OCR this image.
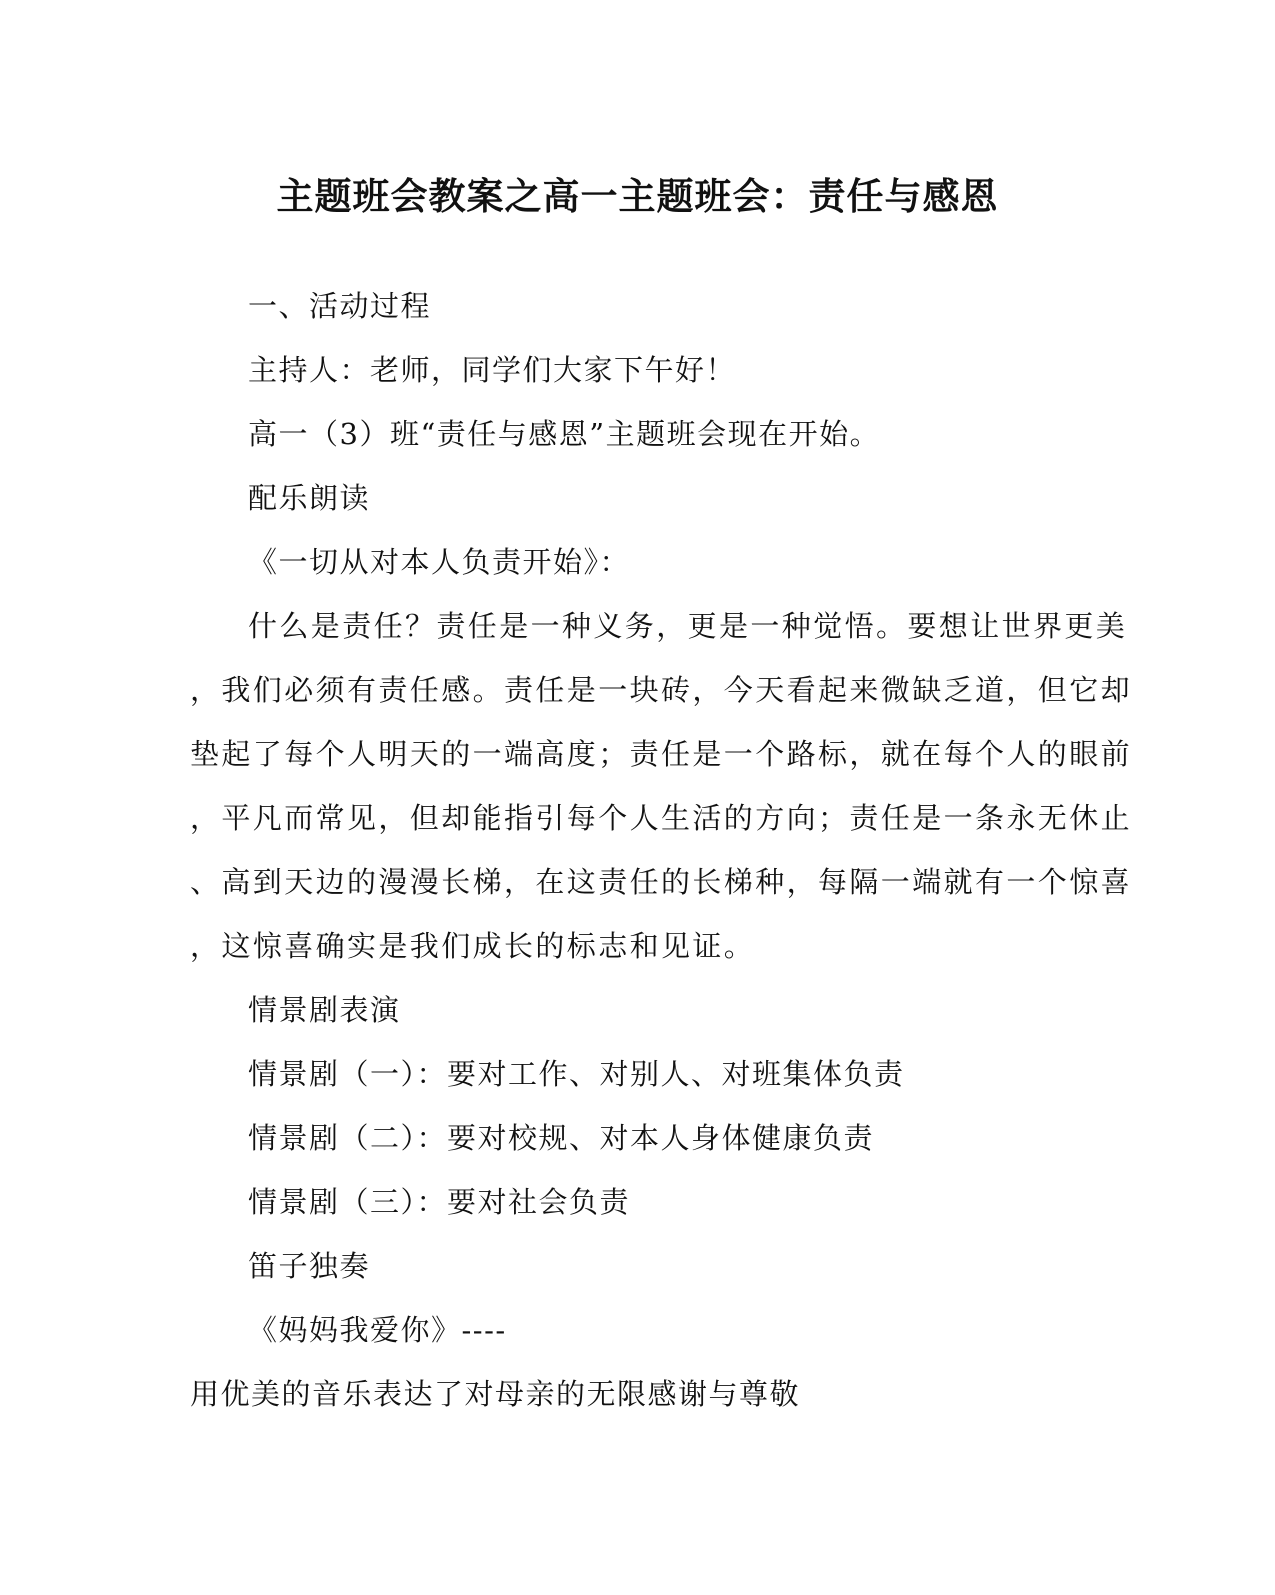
主题班会教案之高一主题班会：责任与感恩
一、活动过程
主持人：老师，同学们大家下午好！
高一（3）班“责任与感恩”主题班会现在开始。
配乐朗读
《一切从对本人负责开始》：
什么是责任？责任是一种义务，更是一种觉悟。要想让世界更美
，我们必须有责任感。责任是一块砖，今天看起来微缺乏道，但它却
垫起了每个人明天的一端高度；责任是一个路标，就在每个人的眼前
，平凡而常见，但却能指引每个人生活的方向；责任是一条永无休止
、高到天边的漫漫长梯，在这责任的长梯种，每隔一端就有一个惊喜
，这惊喜确实是我们成长的标志和见证。
情景剧表演
情景剧（一）：要对工作、对别人、对班集体负责
情景剧（二）：要对校规、对本人身体健康负责
情景剧（三）：要对社会负责
笛子独奏
《妈妈我爱你》----
用优美的音乐表达了对母亲的无限感谢与尊敬
